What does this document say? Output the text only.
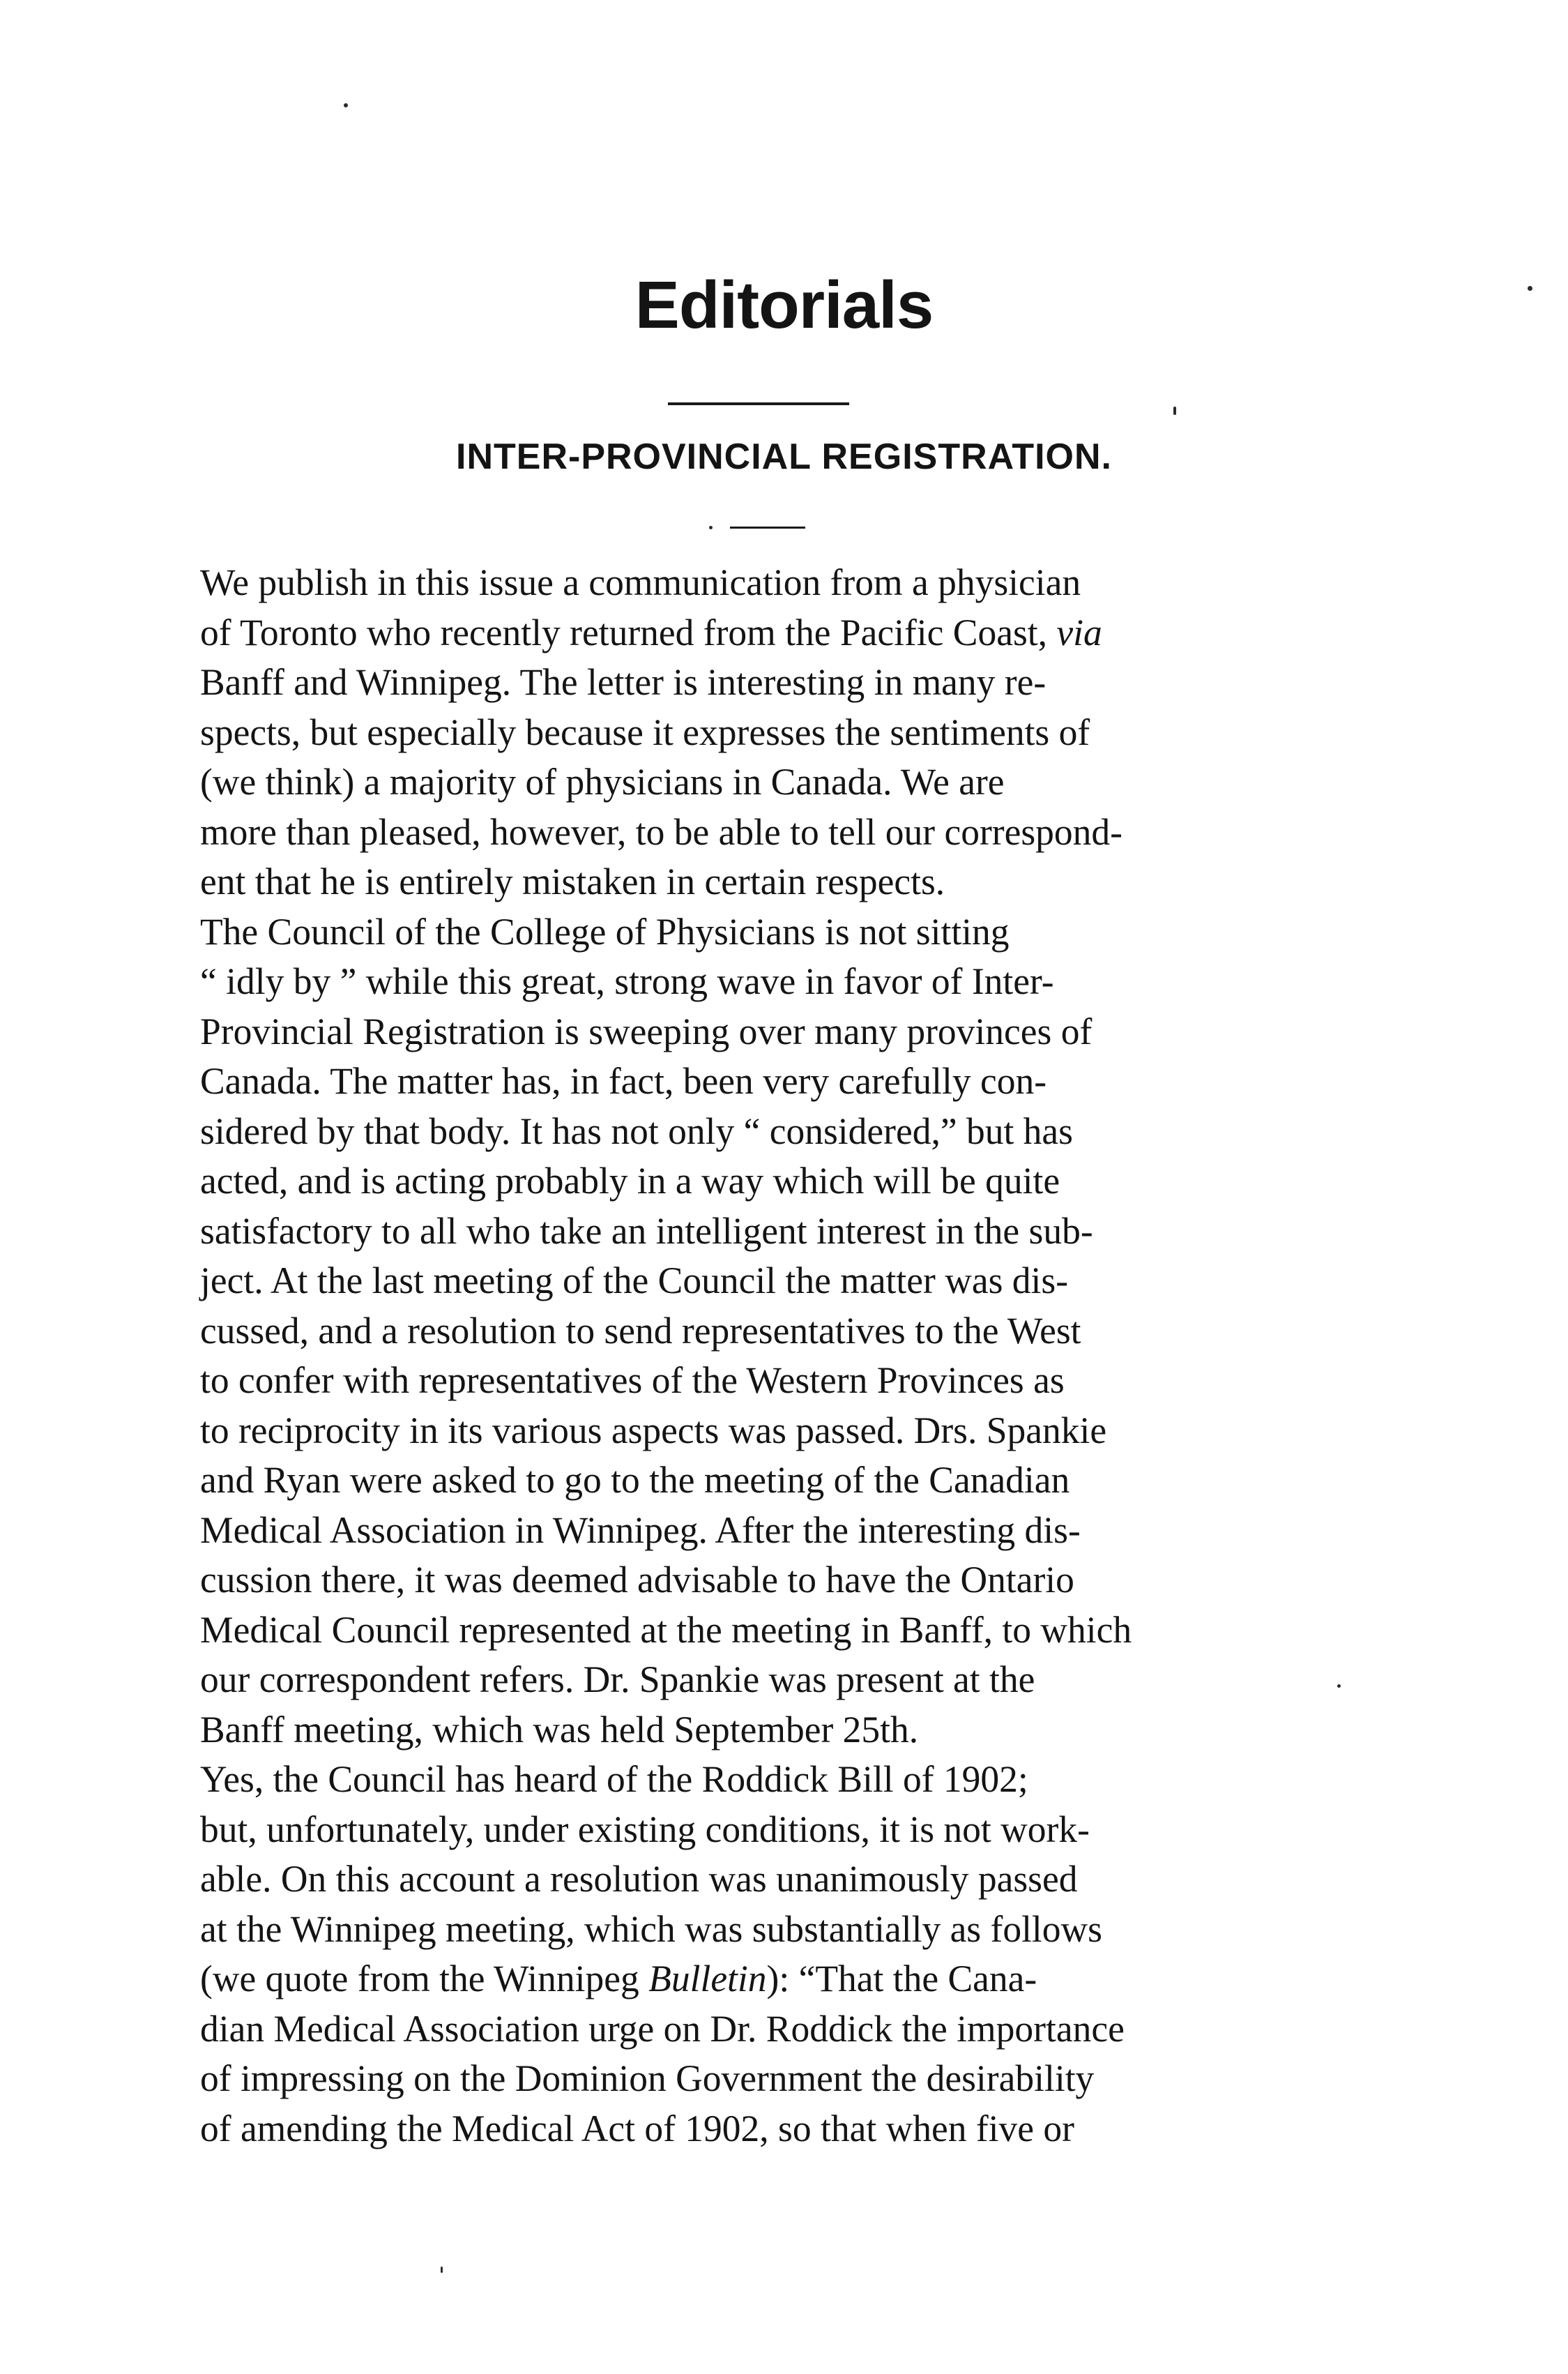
Editorials
INTER-PROVINCIAL REGISTRATION.

We publish in this issue a communication from a physician
of Toronto who recently returned from the Pacific Coast, via
Banff and Winnipeg. The letter is interesting in many re-
spects, but especially because it expresses the sentiments of
(we think) a majority of physicians in Canada. We are
more than pleased, however, to be able to tell our correspond-
ent that he is entirely mistaken in certain respects.

The Council of the College of Physicians is not sitting
“ idly by ” while this great, strong wave in favor of Inter-
Provincial Registration is sweeping over many provinces of
Canada. The matter has, in fact, been very carefully con-
sidered by that body. It has not only “ considered,” but has
acted, and is acting probably in a way which will be quite
satisfactory to all who take an intelligent interest in the sub-
ject. At the last meeting of the Council the matter was dis-
cussed, and a resolution to send representatives to the West
to confer with representatives of the Western Provinces as
to reciprocity in its various aspects was passed. Drs. Spankie
and Ryan were asked to go to the meeting of the Canadian
Medical Association in Winnipeg. After the interesting dis-
cussion there, it was deemed advisable to have the Ontario
Medical Council represented at the meeting in Banff, to which
our correspondent refers. Dr. Spankie was present at the
Banff meeting, which was held September 25th.

Yes, the Council has heard of the Roddick Bill of 1902;
but, unfortunately, under existing conditions, it is not work-
able. On this account a resolution was unanimously passed
at the Winnipeg meeting, which was substantially as follows
(we quote from the Winnipeg Bulletin): “That the Cana-
dian Medical Association urge on Dr. Roddick the importance
of impressing on the Dominion Government the desirability
of amending the Medical Act of 1902, so that when five or
